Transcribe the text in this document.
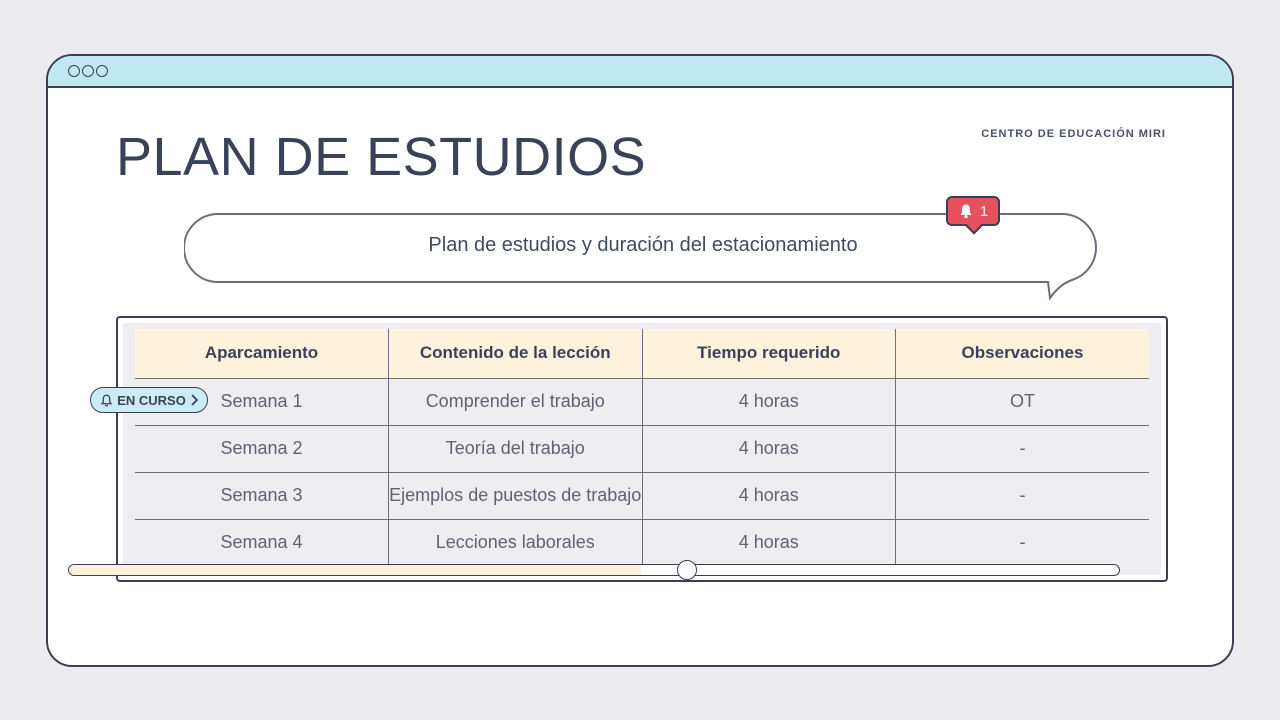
PLAN DE ESTUDIOS	CENTRO DE EDUCACIÓN MIRI
Plan de estudios y duración del estacionamiento
1
Aparcamiento	Contenido de la lección	Tiempo requerido	Observaciones
Semana 1	Comprender el trabajo	4 horas	OT
Semana 2	Teoría del trabajo	4 horas	-
Semana 3	Ejemplos de puestos de trabajo	4 horas	-
Semana 4	Lecciones laborales	4 horas	-
EN CURSO
